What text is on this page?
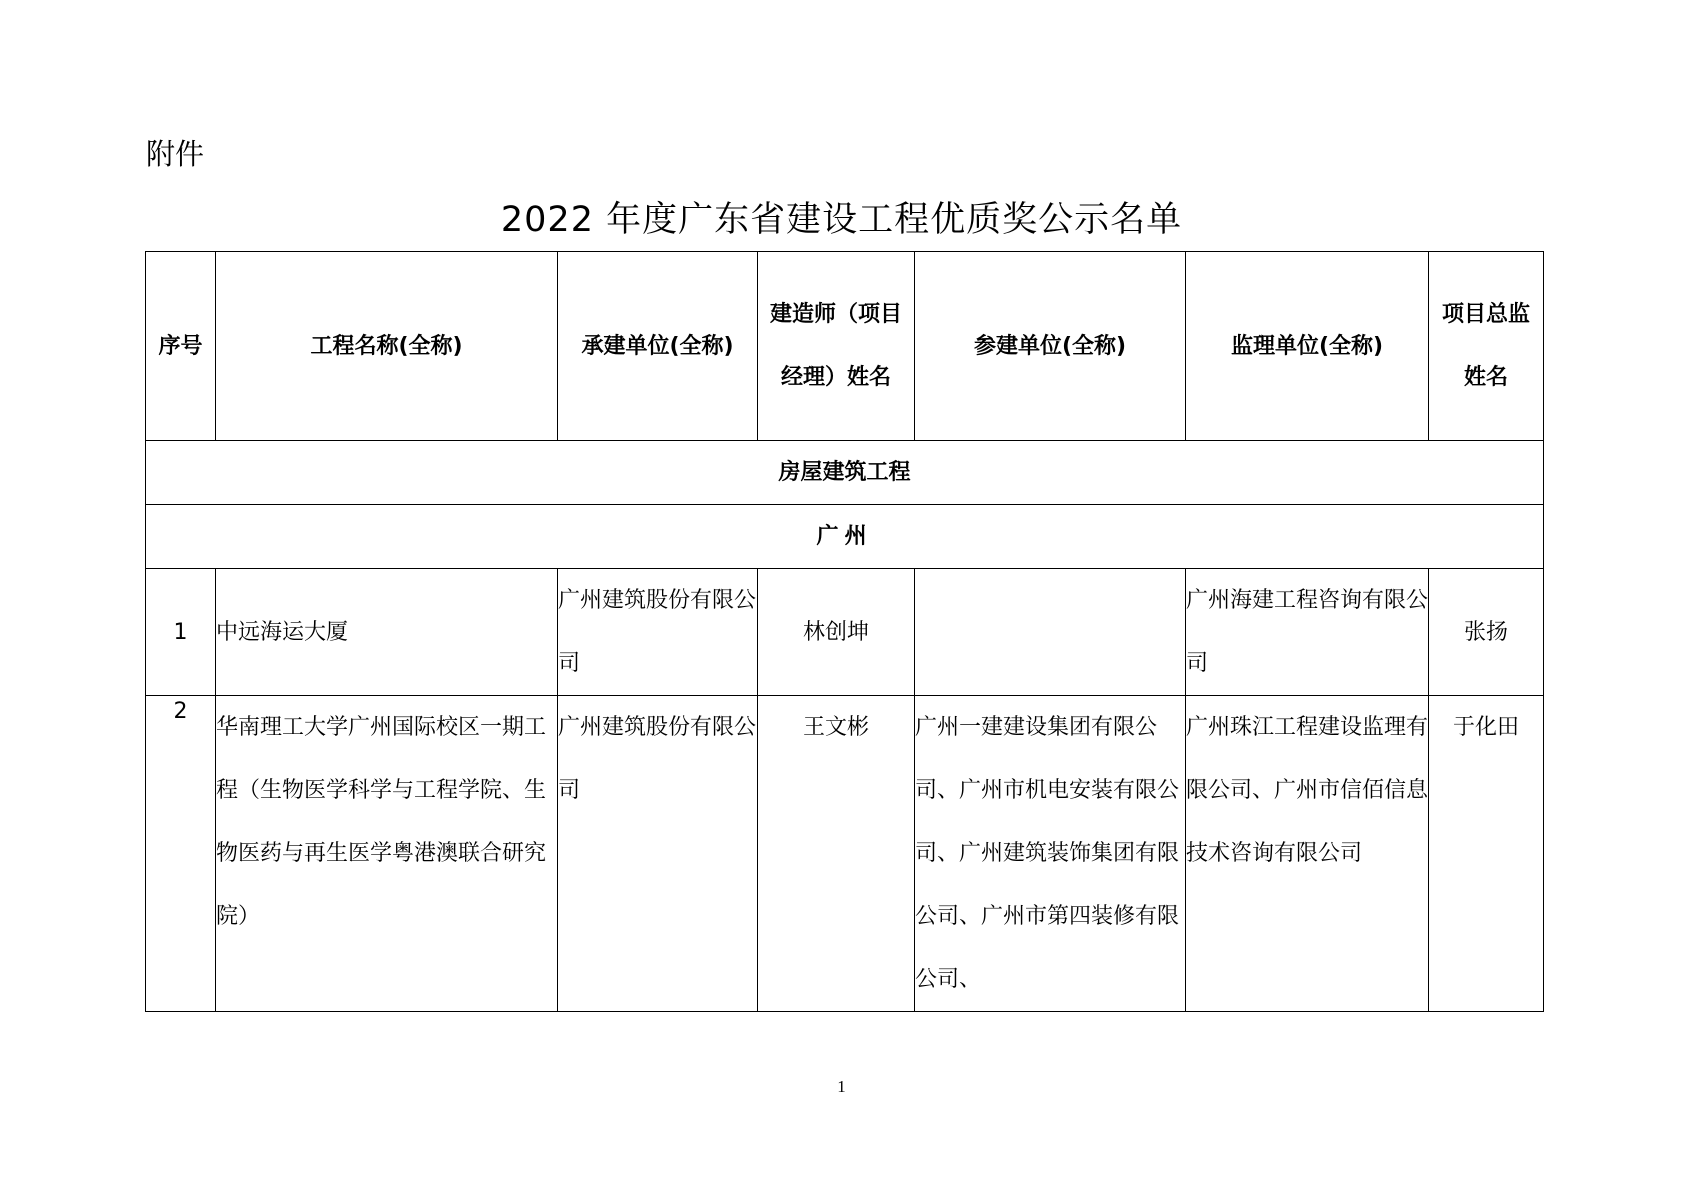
附件
2022 年度广东省建设工程优质奖公示名单
序号	工程名称(全称)	承建单位(全称)	建造师（项目经理）姓名	参建单位(全称)	监理单位(全称)	项目总监姓名

房屋建筑工程						
广州						
1	中远海运大厦	广州建筑股份有限公司	林创坤		广州海建工程咨询有限公司	张扬
2	华南理工大学广州国际校区一期工程（生物医学科学与工程学院、生物医药与再生医学粤港澳联合研究院）	广州建筑股份有限公司	王文彬	广州一建建设集团有限公司、广州市机电安装有限公司、广州建筑装饰集团有限公司、广州市第四装修有限公司、	广州珠江工程建设监理有限公司、广州市信佰信息技术咨询有限公司	于化田
1
